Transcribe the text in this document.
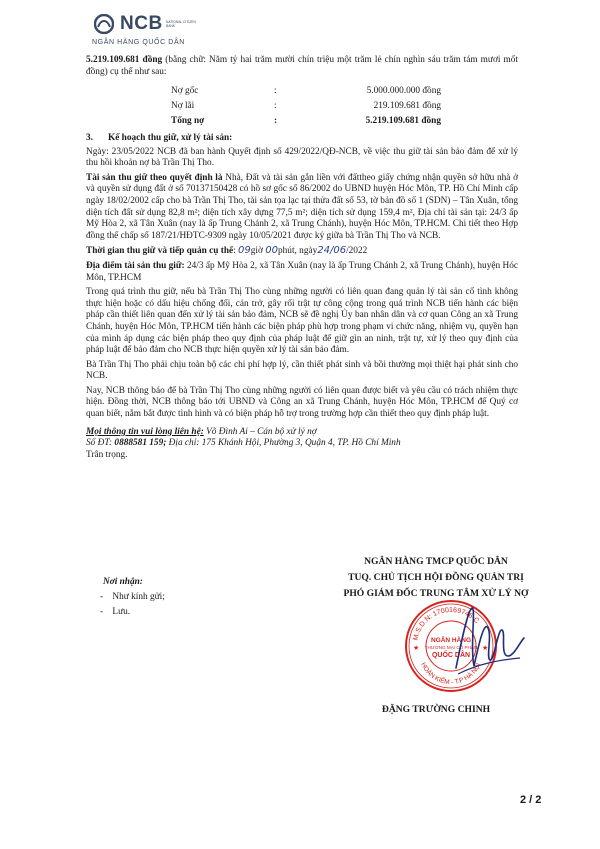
NCB NATIONAL CITIZEN BANK
NGÂN HÀNG QUỐC DÂN

5.219.109.681 đồng (bằng chữ: Năm tỷ hai trăm mười chín triệu một trăm lẻ chín nghìn sáu trăm tám mươi mốt đồng) cụ thể như sau:

Nợ gốc	:	5.000.000.000 đồng
Nợ lãi	:	219.109.681 đồng
Tổng nợ	:	5.219.109.681 đồng

3. Kế hoạch thu giữ, xử lý tài sản:

Ngày: 23/05/2022 NCB đã ban hành Quyết định số 429/2022/QĐ-NCB, về việc thu giữ tài sản bảo đảm để xử lý thu hồi khoản nợ bà Trần Thị Tho.

Tài sản thu giữ theo quyết định là Nhà, Đất và tài sản gắn liền với đấttheo giấy chứng nhận quyền sở hữu nhà ở và quyền sử dụng đất ở số 70137150428 có hồ sơ gốc số 86/2002 do UBND huyện Hóc Môn, TP. Hồ Chí Minh cấp ngày 18/02/2002 cấp cho bà Trần Thị Tho, tài sản tọa lạc tại thửa đất số 53, tờ bản đồ số 1 (SDN) – Tân Xuân, tổng diện tích đất sử dụng 82,8 m²; diện tích xây dựng 77,5 m²; diện tích sử dụng 159,4 m², Địa chỉ tài sản tại: 24/3 ấp Mỹ Hòa 2, xã Tân Xuân (nay là ấp Trung Chánh 2, xã Trung Chánh), huyện Hóc Môn, TP.HCM. Chi tiết theo Hợp đồng thế chấp số 187/21/HĐTC-9309 ngày 10/05/2021 được ký giữa bà Trần Thị Tho và NCB.

Thời gian thu giữ và tiếp quản cụ thể: 09giờ 00phút, ngày24/06/2022

Địa điểm tài sản thu giữ: 24/3 ấp Mỹ Hòa 2, xã Tân Xuân (nay là ấp Trung Chánh 2, xã Trung Chánh), huyện Hóc Môn, TP.HCM

Trong quá trình thu giữ, nếu bà Trần Thị Tho cùng những người có liên quan đang quản lý tài sản cố tình không thực hiện hoặc có dấu hiệu chống đối, cản trở, gây rối trật tự công cộng trong quá trình NCB tiến hành các biện pháp cần thiết liên quan đến xử lý tài sản bảo đảm, NCB sẽ đề nghị Ủy ban nhân dân và cơ quan Công an xã Trung Chánh, huyện Hóc Môn, TP.HCM tiến hành các biện pháp phù hợp trong phạm vi chức năng, nhiệm vụ, quyền hạn của mình áp dụng các biện pháp theo quy định của pháp luật để giữ gìn an ninh, trật tự, xử lý theo quy định của pháp luật để bảo đảm cho NCB thực hiện quyền xử lý tài sản bảo đảm.

Bà Trần Thị Tho phải chịu toàn bộ các chi phí hợp lý, cần thiết phát sinh và bồi thường mọi thiệt hại phát sinh cho NCB.

Nay, NCB thông báo để bà Trần Thị Tho cùng những người có liên quan được biết và yêu cầu có trách nhiệm thực hiện. Đồng thời, NCB thông báo tới UBND và Công an xã Trung Chánh, huyện Hóc Môn, TP.HCM để Quý cơ quan biết, nắm bắt được tình hình và có biện pháp hỗ trợ trong trường hợp cần thiết theo quy định pháp luật.

Mọi thông tin vui lòng liên hệ: Võ Đình Ai – Cán bộ xử lý nợ

Số ĐT: 0888581 159; Địa chỉ: 175 Khánh Hội, Phường 3, Quận 4, TP. Hồ Chí Minh

Trân trọng.

Nơi nhận:
-    Như kính gửi;
-    Lưu.
NGÂN HÀNG TMCP QUỐC DÂN
TUQ. CHỦ TỊCH HỘI ĐỒNG QUẢN TRỊ
PHÓ GIÁM ĐỐC TRUNG TÂM XỬ LÝ NỢ
M.S.D.N: 1700169746-C
HOÀN KIẾM - T.P HÀ NỘI
NGÂN HÀNG
THƯƠNG MẠI CỔ PHẦN
QUỐC DÂN
★	★
ĐẶNG TRƯỜNG CHINH
2 / 2
